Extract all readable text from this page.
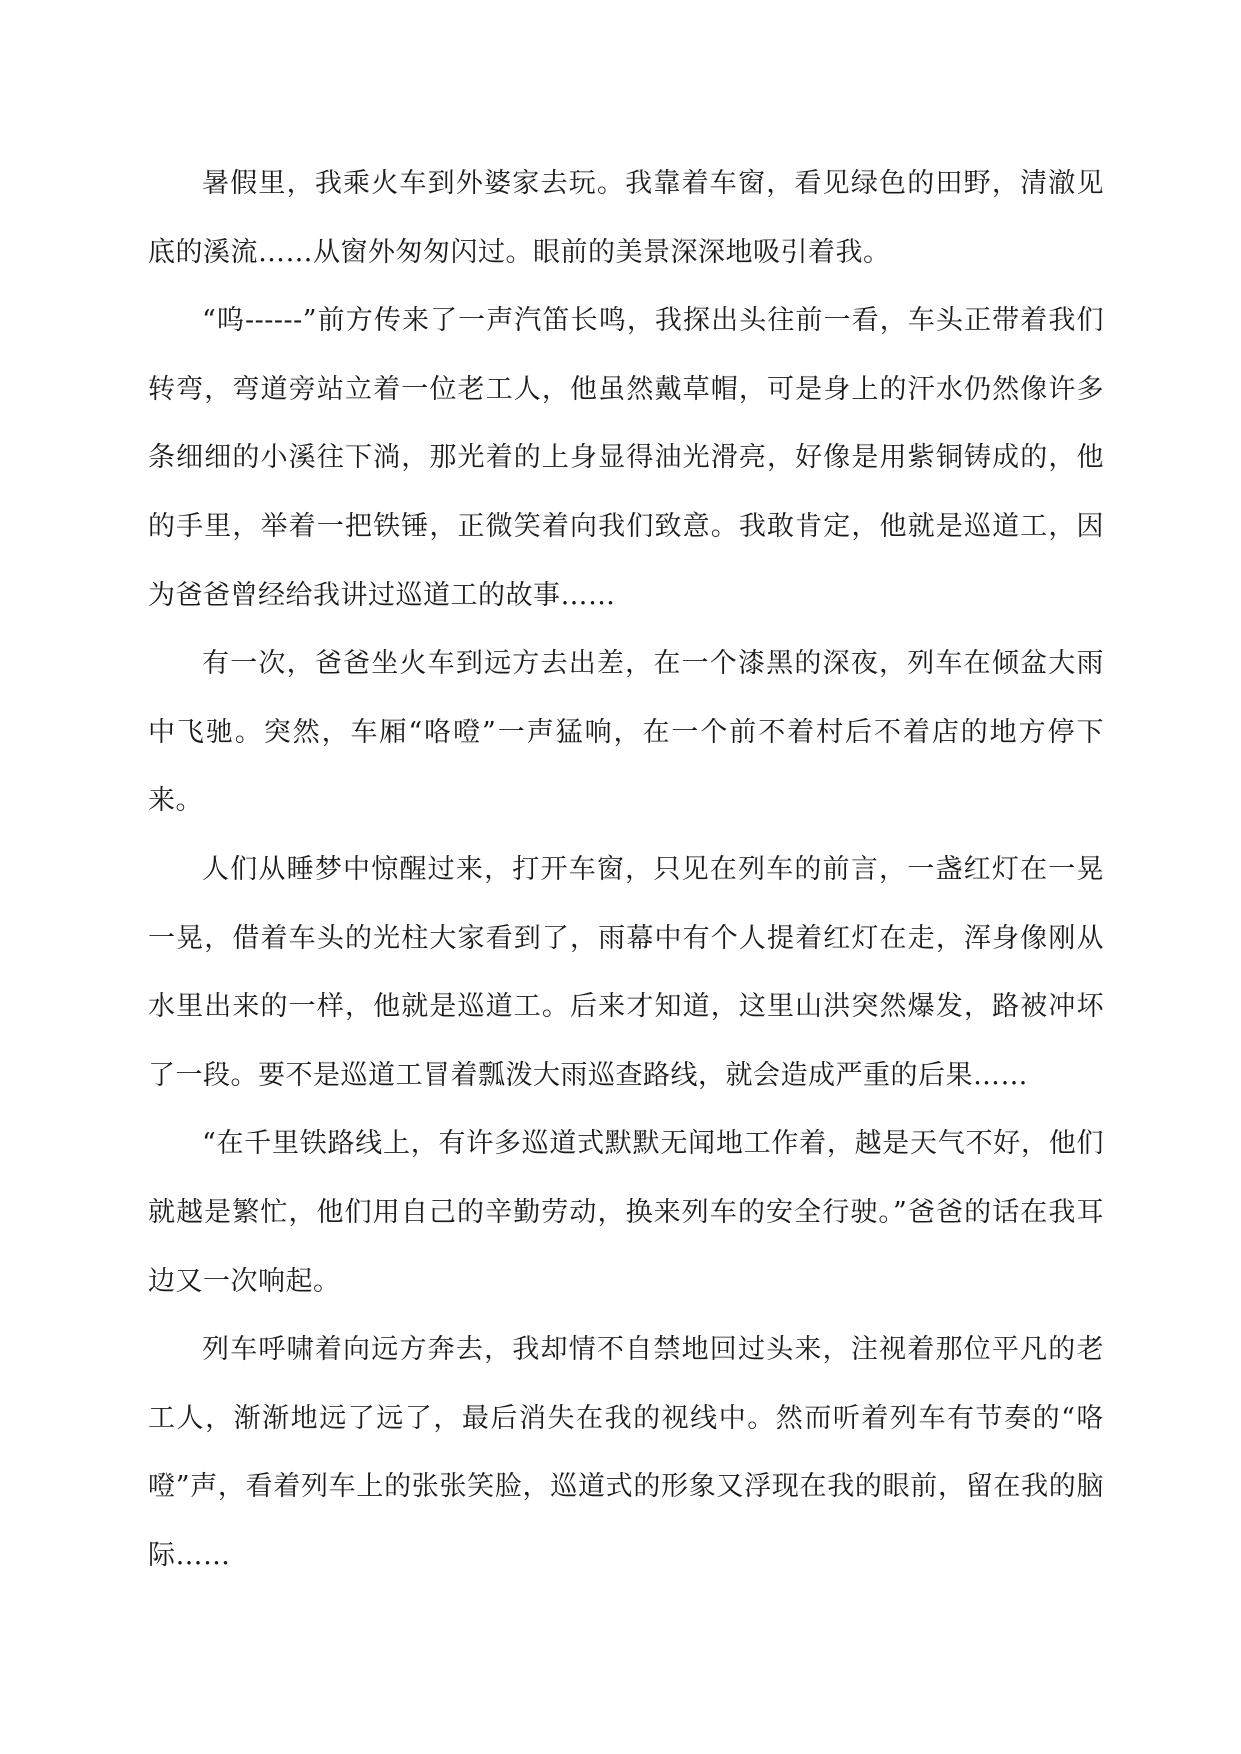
暑假里，我乘火车到外婆家去玩。我靠着车窗，看见绿色的田野，清澈见底的溪流……从窗外匆匆闪过。眼前的美景深深地吸引着我。

“呜------”前方传来了一声汽笛长鸣，我探出头往前一看，车头正带着我们转弯，弯道旁站立着一位老工人，他虽然戴草帽，可是身上的汗水仍然像许多条细细的小溪往下淌，那光着的上身显得油光滑亮，好像是用紫铜铸成的，他的手里，举着一把铁锤，正微笑着向我们致意。我敢肯定，他就是巡道工，因为爸爸曾经给我讲过巡道工的故事……

有一次，爸爸坐火车到远方去出差，在一个漆黑的深夜，列车在倾盆大雨中飞驰。突然，车厢“咯噔”一声猛响，在一个前不着村后不着店的地方停下来。

人们从睡梦中惊醒过来，打开车窗，只见在列车的前言，一盏红灯在一晃一晃，借着车头的光柱大家看到了，雨幕中有个人提着红灯在走，浑身像刚从水里出来的一样，他就是巡道工。后来才知道，这里山洪突然爆发，路被冲坏了一段。要不是巡道工冒着瓢泼大雨巡查路线，就会造成严重的后果……

“在千里铁路线上，有许多巡道式默默无闻地工作着，越是天气不好，他们就越是繁忙，他们用自己的辛勤劳动，换来列车的安全行驶。”爸爸的话在我耳边又一次响起。

列车呼啸着向远方奔去，我却情不自禁地回过头来，注视着那位平凡的老工人，渐渐地远了远了，最后消失在我的视线中。然而听着列车有节奏的“咯噔”声，看着列车上的张张笑脸，巡道式的形象又浮现在我的眼前，留在我的脑际……
